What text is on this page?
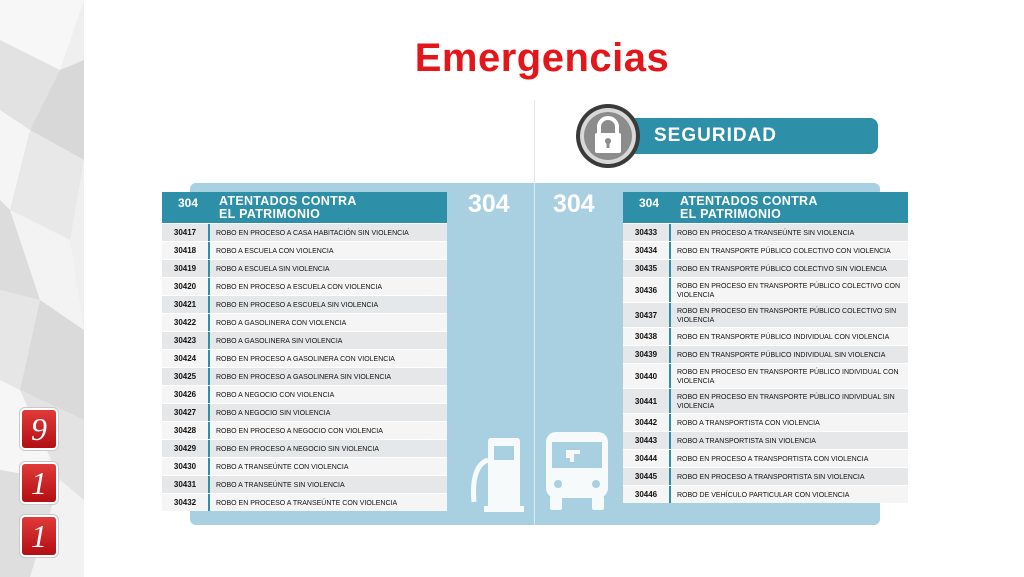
9
1
1
Emergencias
SEGURIDAD
304 304
304 ATENTADOS CONTRA
EL PATRIMONIO
30417	ROBO EN PROCESO A CASA HABITACIÓN SIN VIOLENCIA
30418	ROBO A ESCUELA CON VIOLENCIA
30419	ROBO A ESCUELA SIN VIOLENCIA
30420	ROBO EN PROCESO A ESCUELA CON VIOLENCIA
30421	ROBO EN PROCESO A ESCUELA SIN VIOLENCIA
30422	ROBO A GASOLINERA CON VIOLENCIA
30423	ROBO A GASOLINERA SIN VIOLENCIA
30424	ROBO EN PROCESO A GASOLINERA CON VIOLENCIA
30425	ROBO EN PROCESO A GASOLINERA SIN VIOLENCIA
30426	ROBO A NEGOCIO CON VIOLENCIA
30427	ROBO A NEGOCIO SIN VIOLENCIA
30428	ROBO EN PROCESO A NEGOCIO CON VIOLENCIA
30429	ROBO EN PROCESO A NEGOCIO SIN VIOLENCIA
30430	ROBO A TRANSEÚNTE CON VIOLENCIA
30431	ROBO A TRANSEÚNTE SIN VIOLENCIA
30432	ROBO EN PROCESO A TRANSEÚNTE CON VIOLENCIA
304 ATENTADOS CONTRA
EL PATRIMONIO
30433	ROBO EN PROCESO A TRANSEÚNTE SIN VIOLENCIA
30434	ROBO EN TRANSPORTE PÚBLICO COLECTIVO CON VIOLENCIA
30435	ROBO EN TRANSPORTE PÚBLICO COLECTIVO SIN VIOLENCIA
30436	ROBO EN PROCESO EN TRANSPORTE PÚBLICO COLECTIVO CON VIOLENCIA
30437	ROBO EN PROCESO EN TRANSPORTE PÚBLICO COLECTIVO SIN VIOLENCIA
30438	ROBO EN TRANSPORTE PÚBLICO INDIVIDUAL CON VIOLENCIA
30439	ROBO EN TRANSPORTE PÚBLICO INDIVIDUAL SIN VIOLENCIA
30440	ROBO EN PROCESO EN TRANSPORTE PÚBLICO INDIVIDUAL CON VIOLENCIA
30441	ROBO EN PROCESO EN TRANSPORTE PÚBLICO INDIVIDUAL SIN VIOLENCIA
30442	ROBO A TRANSPORTISTA CON VIOLENCIA
30443	ROBO A TRANSPORTISTA SIN VIOLENCIA
30444	ROBO EN PROCESO A TRANSPORTISTA CON VIOLENCIA
30445	ROBO EN PROCESO A TRANSPORTISTA SIN VIOLENCIA
30446	ROBO DE VEHÍCULO PARTICULAR CON VIOLENCIA
